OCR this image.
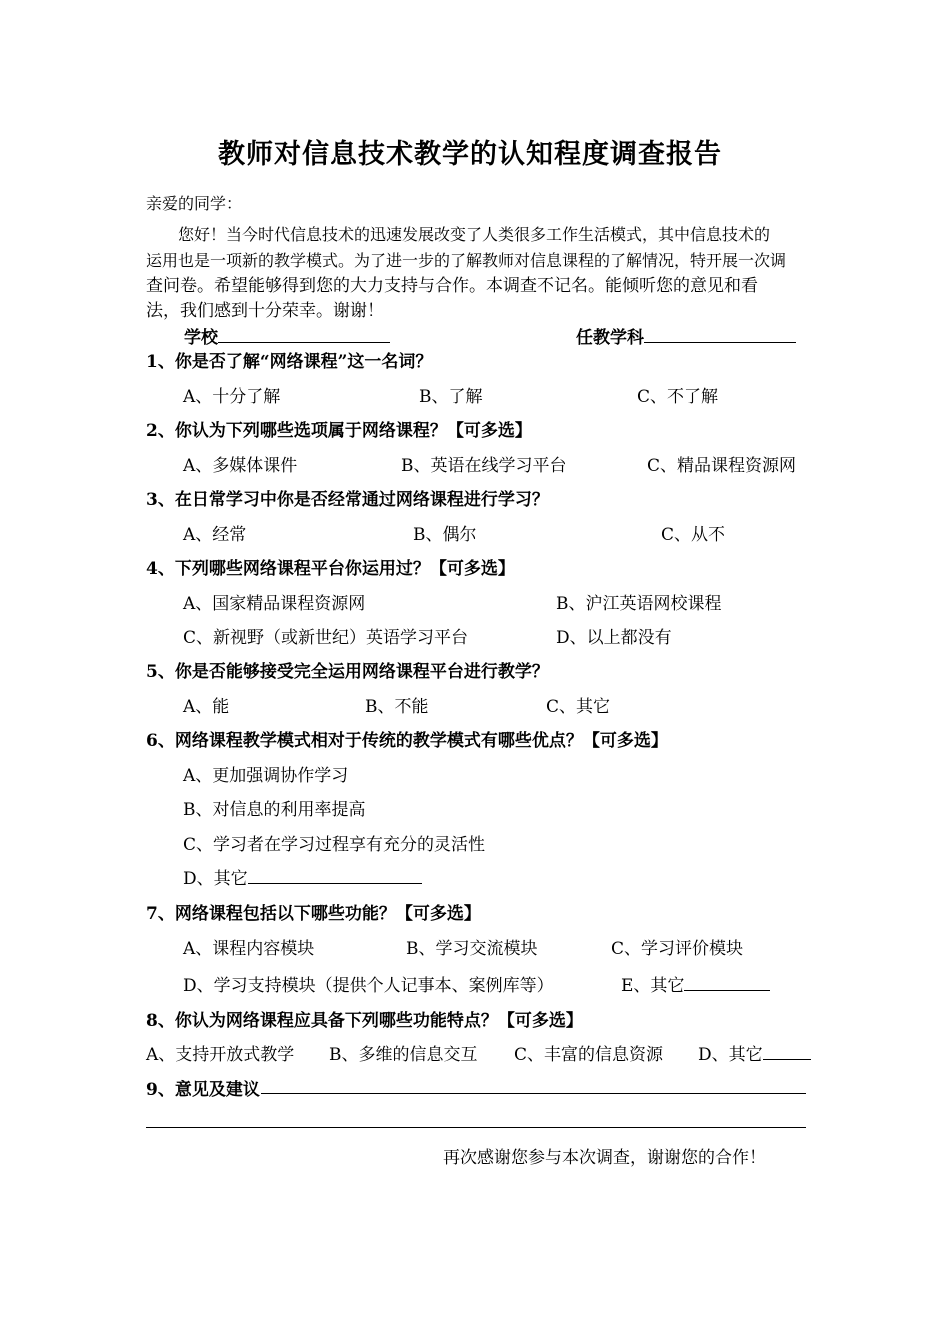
教师对信息技术教学的认知程度调查报告
亲爱的同学：
您好！当今时代信息技术的迅速发展改变了人类很多工作生活模式，其中信息技术的
运用也是一项新的教学模式。为了进一步的了解教师对信息课程的了解情况，特开展一次调
查问卷。希望能够得到您的大力支持与合作。本调查不记名。能倾听您的意见和看
法，我们感到十分荣幸。谢谢！
学校	任教学科
1、你是否了解“网络课程”这一名词？
A、十分了解	B、了解	C、不了解
2、你认为下列哪些选项属于网络课程？【可多选】
A、多媒体课件	B、英语在线学习平台	C、精品课程资源网
3、在日常学习中你是否经常通过网络课程进行学习？
A、经常	B、偶尔	C、从不
4、下列哪些网络课程平台你运用过？【可多选】
A、国家精品课程资源网	B、沪江英语网校课程
C、新视野（或新世纪）英语学习平台	D、以上都没有
5、你是否能够接受完全运用网络课程平台进行教学？
A、能	B、不能	C、其它
6、网络课程教学模式相对于传统的教学模式有哪些优点？【可多选】
A、更加强调协作学习
B、对信息的利用率提高
C、学习者在学习过程享有充分的灵活性
D、其它
7、网络课程包括以下哪些功能？【可多选】
A、课程内容模块	B、学习交流模块	C、学习评价模块
D、学习支持模块（提供个人记事本、案例库等）	E、其它
8、你认为网络课程应具备下列哪些功能特点？【可多选】
A、支持开放式教学 B、多维的信息交互 C、丰富的信息资源 D、其它
9、意见及建议
再次感谢您参与本次调查，谢谢您的合作！
